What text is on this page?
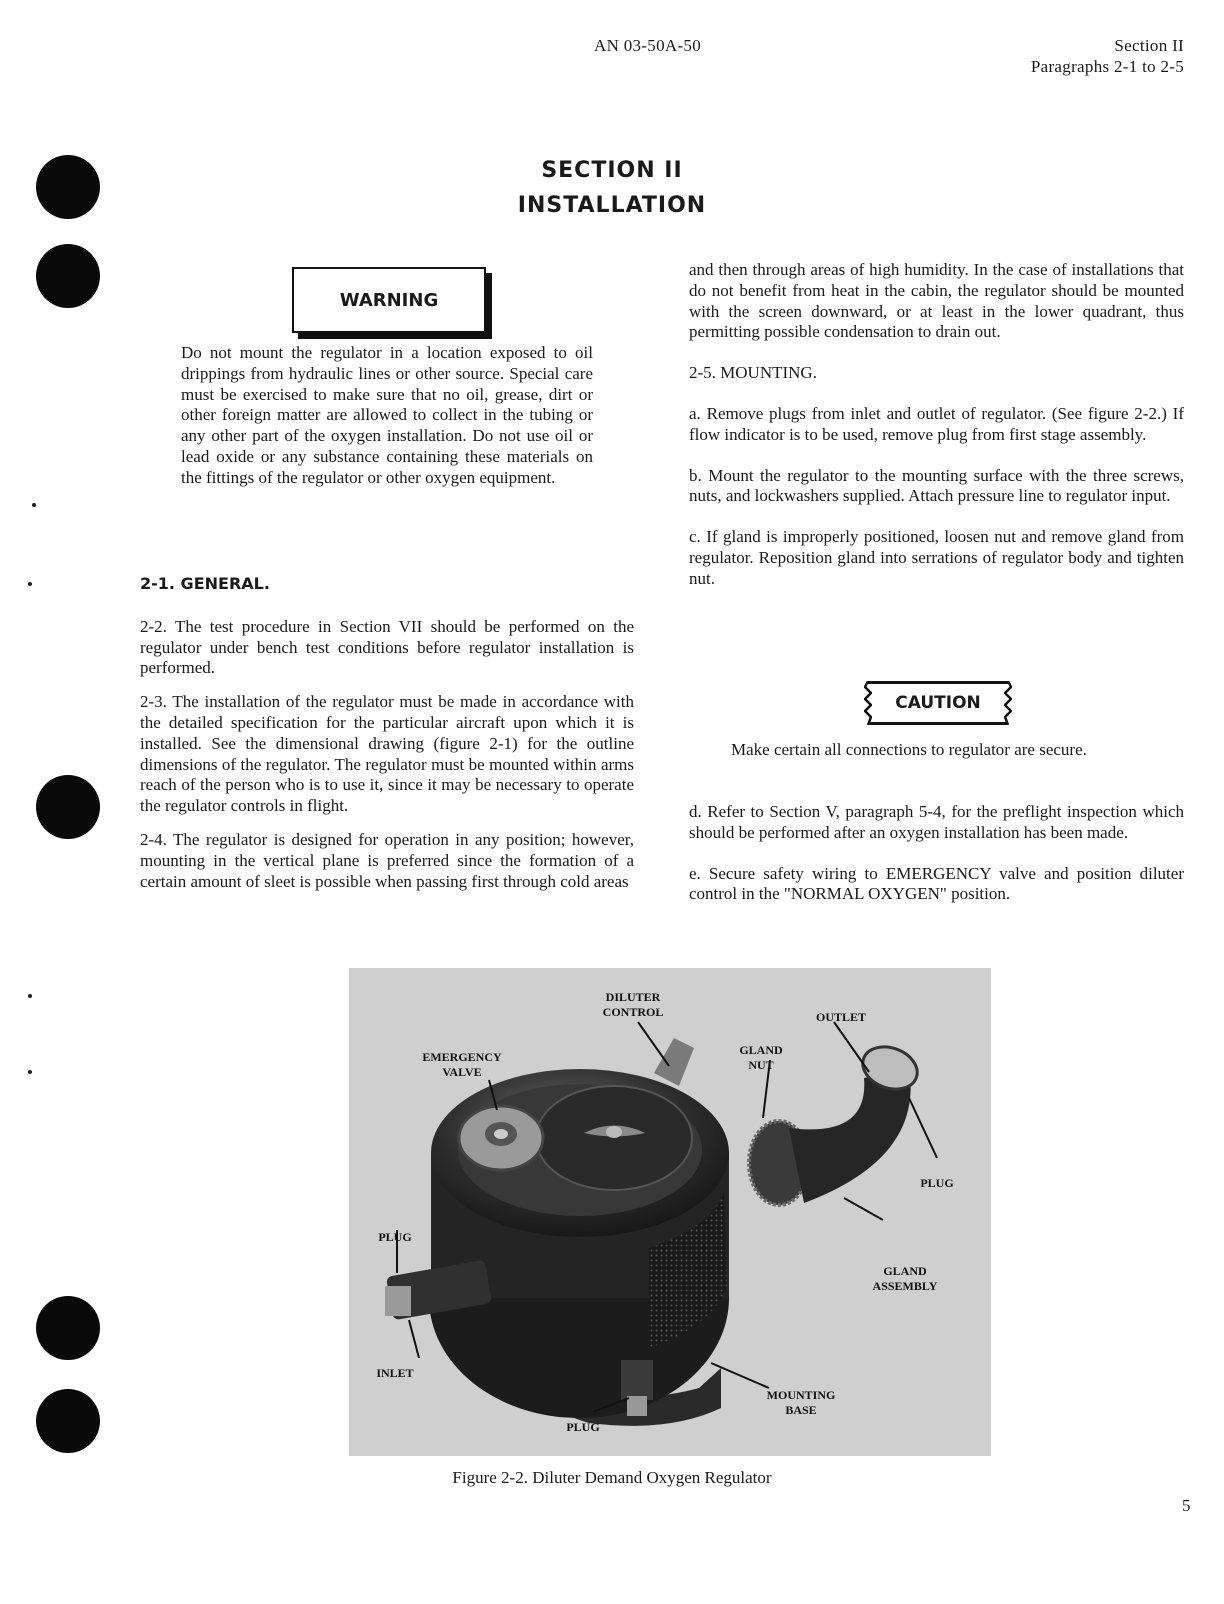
AN 03-50A-50	Section II
Paragraphs 2-1 to 2-5
SECTION II
INSTALLATION
WARNING

Do not mount the regulator in a location exposed to oil drippings from hydraulic lines or other source. Special care must be exercised to make sure that no oil, grease, dirt or other foreign matter are allowed to collect in the tubing or any other part of the oxygen installation. Do not use oil or lead oxide or any substance containing these materials on the fittings of the regulator or other oxygen equipment.

2-1. GENERAL.

2-2. The test procedure in Section VII should be performed on the regulator under bench test conditions before regulator installation is performed.

2-3. The installation of the regulator must be made in accordance with the detailed specification for the particular aircraft upon which it is installed. See the dimensional drawing (figure 2-1) for the outline dimensions of the regulator. The regulator must be mounted within arms reach of the person who is to use it, since it may be necessary to operate the regulator controls in flight.

2-4. The regulator is designed for operation in any position; however, mounting in the vertical plane is preferred since the formation of a certain amount of sleet is possible when passing first through cold areas

and then through areas of high humidity. In the case of installations that do not benefit from heat in the cabin, the regulator should be mounted with the screen downward, or at least in the lower quadrant, thus permitting possible condensation to drain out.

2-5. MOUNTING.

a. Remove plugs from inlet and outlet of regulator. (See figure 2-2.) If flow indicator is to be used, remove plug from first stage assembly.

b. Mount the regulator to the mounting surface with the three screws, nuts, and lockwashers supplied. Attach pressure line to regulator input.

c. If gland is improperly positioned, loosen nut and remove gland from regulator. Reposition gland into serrations of regulator body and tighten nut.

CAUTION

Make certain all connections to regulator are secure.

d. Refer to Section V, paragraph 5-4, for the preflight inspection which should be performed after an oxygen installation has been made.

e. Secure safety wiring to EMERGENCY valve and position diluter control in the "NORMAL OXYGEN" position.

DILUTER CONTROL	OUTLET
EMERGENCY VALVE
GLAND NUT
PLUG
PLUG
GLAND ASSEMBLY
INLET
MOUNTING BASE
PLUG
Figure 2-2. Diluter Demand Oxygen Regulator
5
